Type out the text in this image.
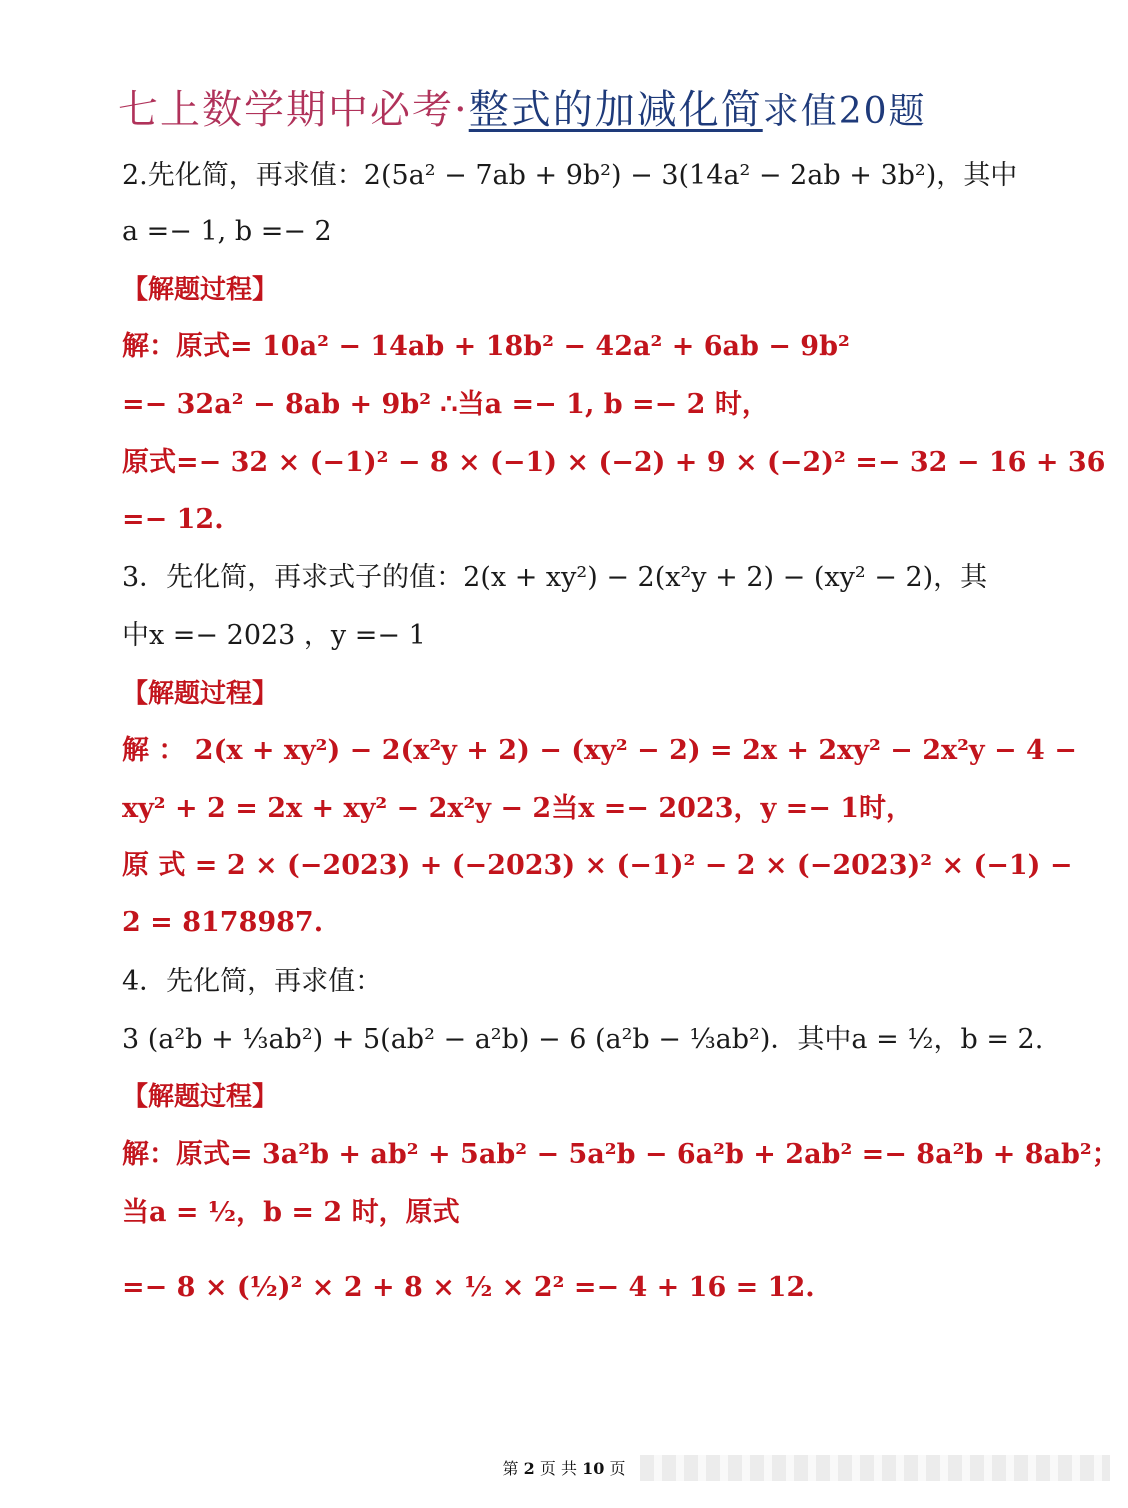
七上数学期中必考·整式的加减化简求值20题
2.先化简，再求值：2(5a² − 7ab + 9b²) − 3(14a² − 2ab + 3b²)，其中
a =− 1, b =− 2
【解题过程】
解：原式= 10a² − 14ab + 18b² − 42a² + 6ab − 9b²
=− 32a² − 8ab + 9b² ∴当a =− 1, b =− 2 时，
原式=− 32 × (−1)² − 8 × (−1) × (−2) + 9 × (−2)² =− 32 − 16 + 36
=− 12.
3．先化简，再求式子的值：2(x + xy²) − 2(x²y + 2) − (xy² − 2)，其
中x =− 2023 ，y =− 1
【解题过程】
解 ： 2(x + xy²) − 2(x²y + 2) − (xy² − 2) = 2x + 2xy² − 2x²y − 4 −
xy² + 2 = 2x + xy² − 2x²y − 2当x =− 2023，y =− 1时，
原 式 = 2 × (−2023) + (−2023) × (−1)² − 2 × (−2023)² × (−1) −
2 = 8178987.
4．先化简，再求值：
3 (a²b + ⅓ab²) + 5(ab² − a²b) − 6 (a²b − ⅓ab²)．其中a = ½，b = 2.
【解题过程】
解：原式= 3a²b + ab² + 5ab² − 5a²b − 6a²b + 2ab² =− 8a²b + 8ab²；
当a = ½，b = 2 时，原式
=− 8 × (½)² × 2 + 8 × ½ × 2² =− 4 + 16 = 12.
第 2 页 共 10 页
